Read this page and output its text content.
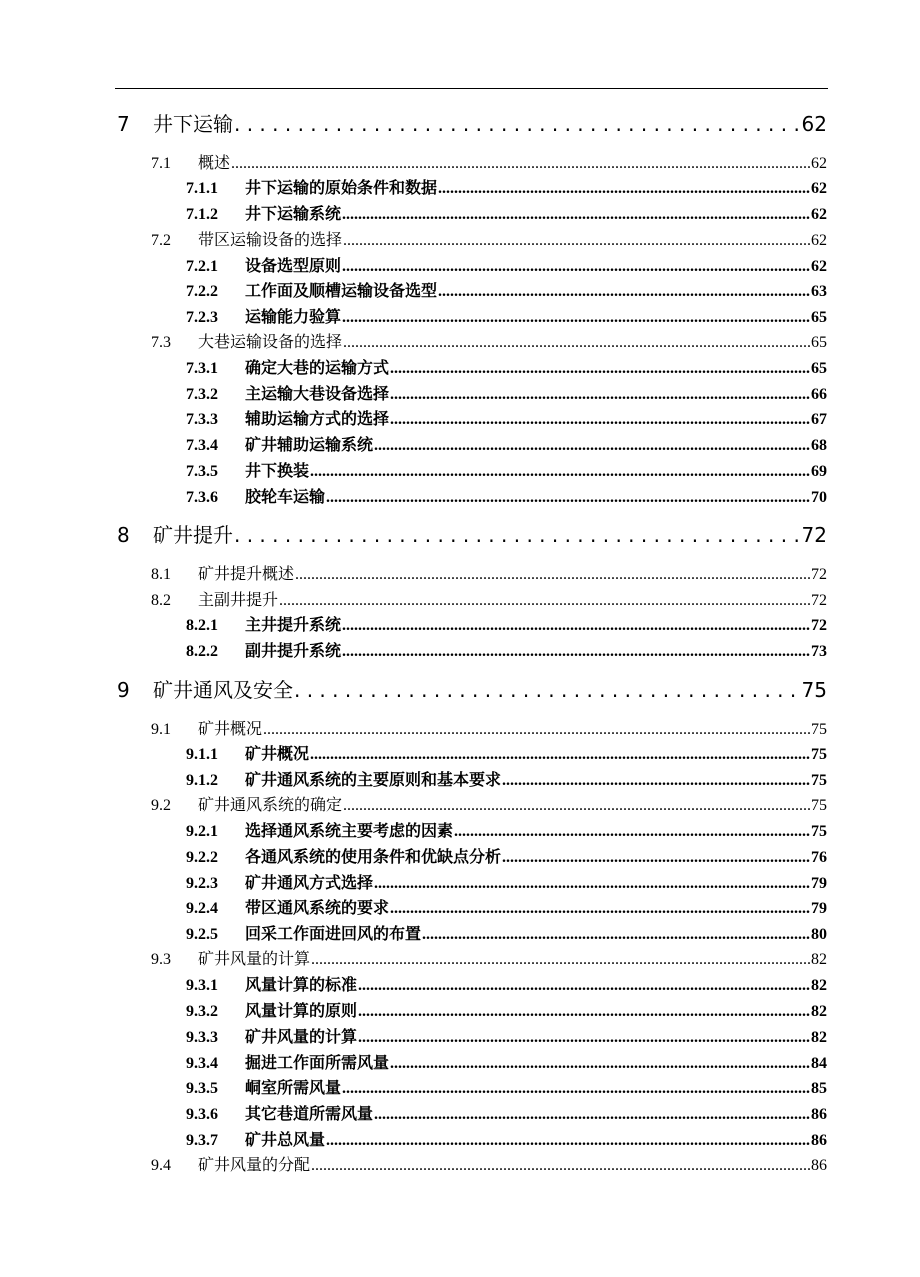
7	井下运输 . . .	62
7.1	概述 .....	62
7.1.1	井下运输的原始条件和数据 .....	62
7.1.2	井下运输系统 .....	62
7.2	带区运输设备的选择 .....	62
7.2.1	设备选型原则 .....	62
7.2.2	工作面及顺槽运输设备选型 .....	63
7.2.3	运输能力验算 .....	65
7.3	大巷运输设备的选择 .....	65
7.3.1	确定大巷的运输方式 .....	65
7.3.2	主运输大巷设备选择 .....	66
7.3.3	辅助运输方式的选择 .....	67
7.3.4	矿井辅助运输系统 .....	68
7.3.5	井下换装 .....	69
7.3.6	胶轮车运输 .....	70
8	矿井提升 . . .	72
8.1	矿井提升概述 .....	72
8.2	主副井提升 .....	72
8.2.1	主井提升系统 .....	72
8.2.2	副井提升系统 .....	73
9	矿井通风及安全 . . .	75
9.1	矿井概况 .....	75
9.1.1	矿井概况 .....	75
9.1.2	矿井通风系统的主要原则和基本要求 .....	75
9.2	矿井通风系统的确定 .....	75
9.2.1	选择通风系统主要考虑的因素 .....	75
9.2.2	各通风系统的使用条件和优缺点分析 .....	76
9.2.3	矿井通风方式选择 .....	79
9.2.4	带区通风系统的要求 .....	79
9.2.5	回采工作面进回风的布置 .....	80
9.3	矿井风量的计算 .....	82
9.3.1	风量计算的标准 .....	82
9.3.2	风量计算的原则 .....	82
9.3.3	矿井风量的计算 .....	82
9.3.4	掘进工作面所需风量 .....	84
9.3.5	峒室所需风量 .....	85
9.3.6	其它巷道所需风量 .....	86
9.3.7	矿井总风量 .....	86
9.4	矿井风量的分配 .....	86
